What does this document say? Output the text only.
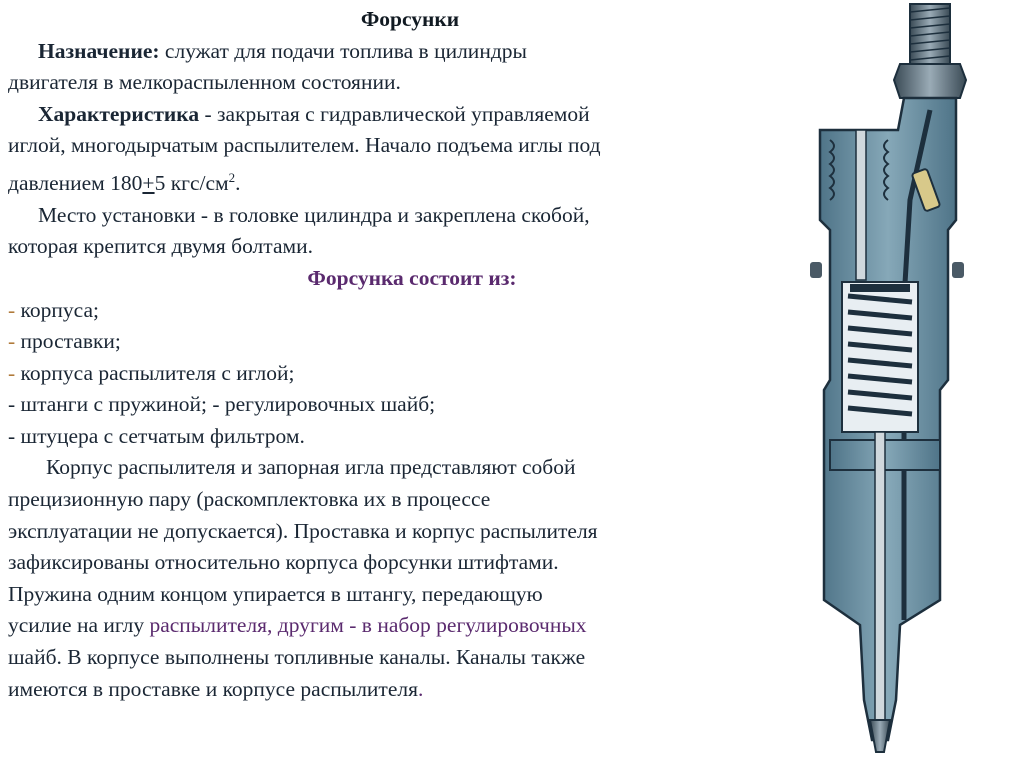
Форсунки
Назначение: служат для подачи топлива в цилиндры
двигателя в мелкораспыленном состоянии.
Характеристика - закрытая с гидравлической управляемой
иглой, многодырчатым распылителем. Начало подъема иглы под
давлением 180+5 кгс/$см^2$.
Место установки - в головке цилиндра и закреплена скобой,
которая крепится двумя болтами.
Форсунка состоит из:
- корпуса;
- проставки;
- корпуса распылителя с иглой;
- штанги с пружиной; - регулировочных шайб;
- штуцера с сетчатым фильтром.
Корпус распылителя и запорная игла представляют собой
прецизионную пару (раскомплектовка их в процессе
эксплуатации не допускается). Проставка и корпус распылителя
зафиксированы относительно корпуса форсунки штифтами.
Пружина одним концом упирается в штангу, передающую
усилие на иглу распылителя, другим - в набор регулировочных
шайб. В корпусе выполнены топливные каналы. Каналы также
имеются в проставке и корпусе распылителя.
